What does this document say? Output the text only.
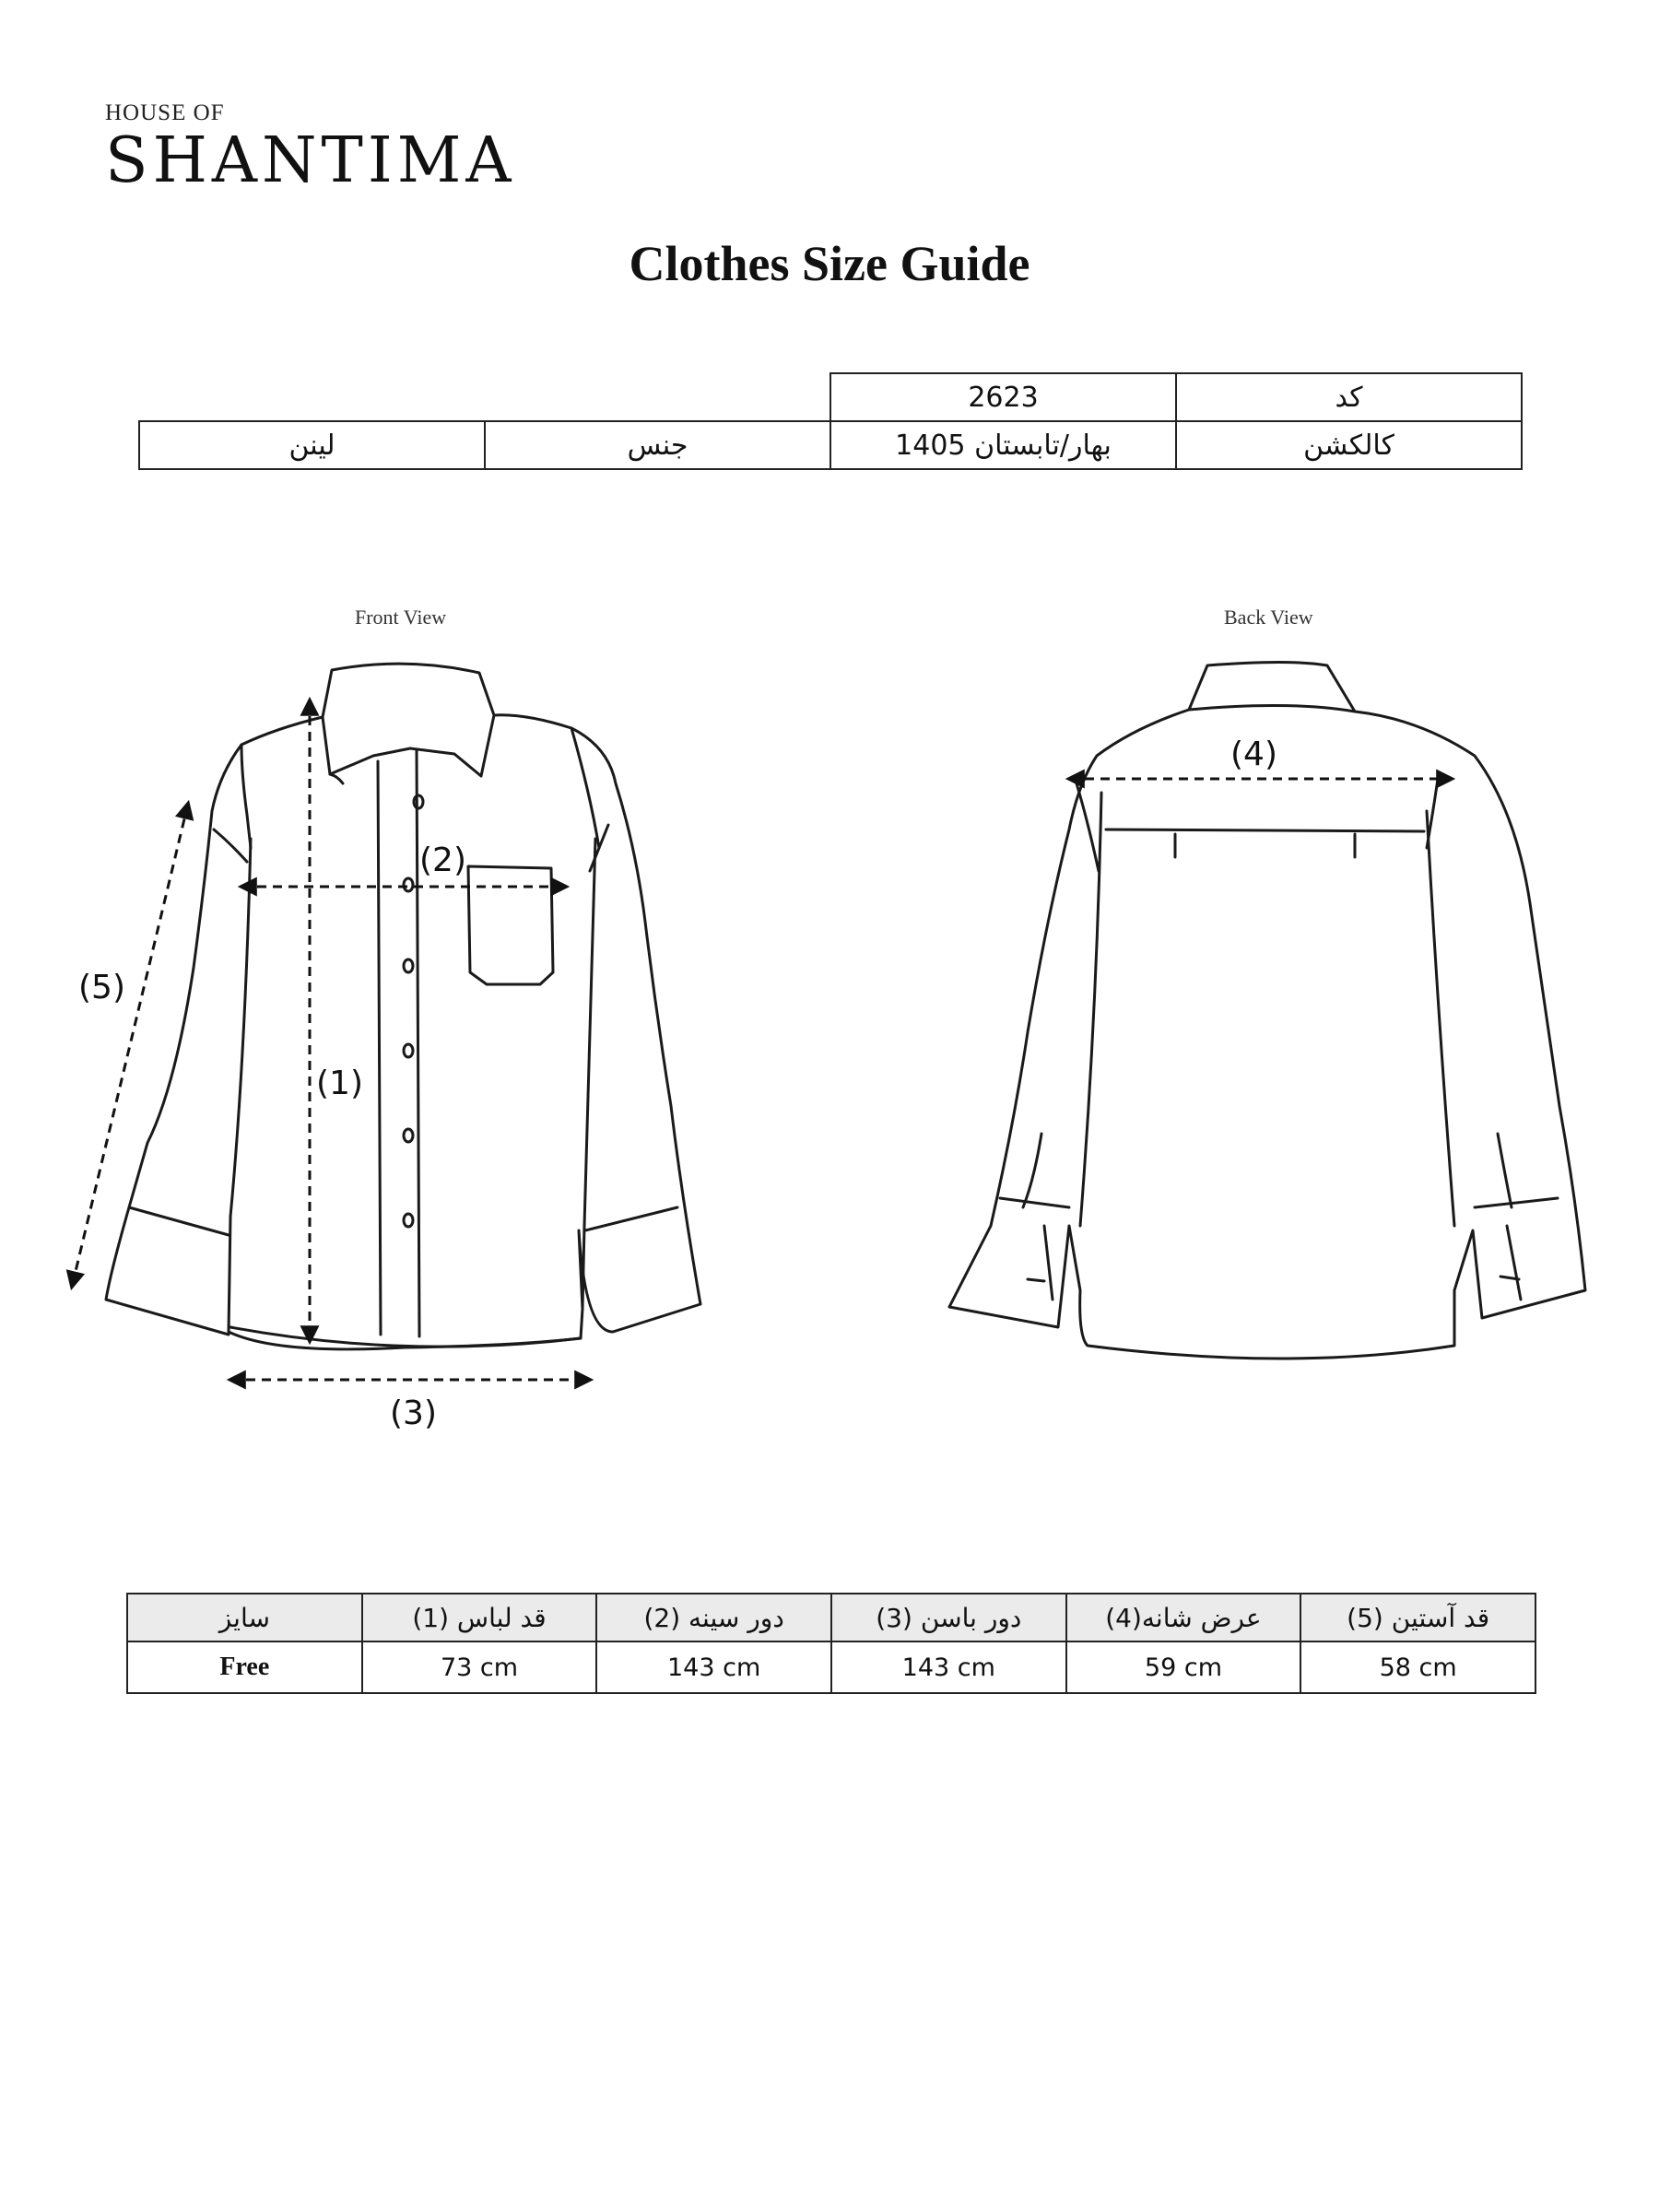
HOUSE OF
SHANTIMA
Clothes Size Guide
		2623	کد
لینن	جنس	بهار/تابستان 1405	کالکشن
Front View	Back View
(1)
(2)
(3)
(4)
(5)
سایز	(1) قد لباس	(2) دور سینه	(3) دور باسن	(4)عرض شانه	(5) قد آستین
Free	73 cm	143 cm	143 cm	59 cm	58 cm
